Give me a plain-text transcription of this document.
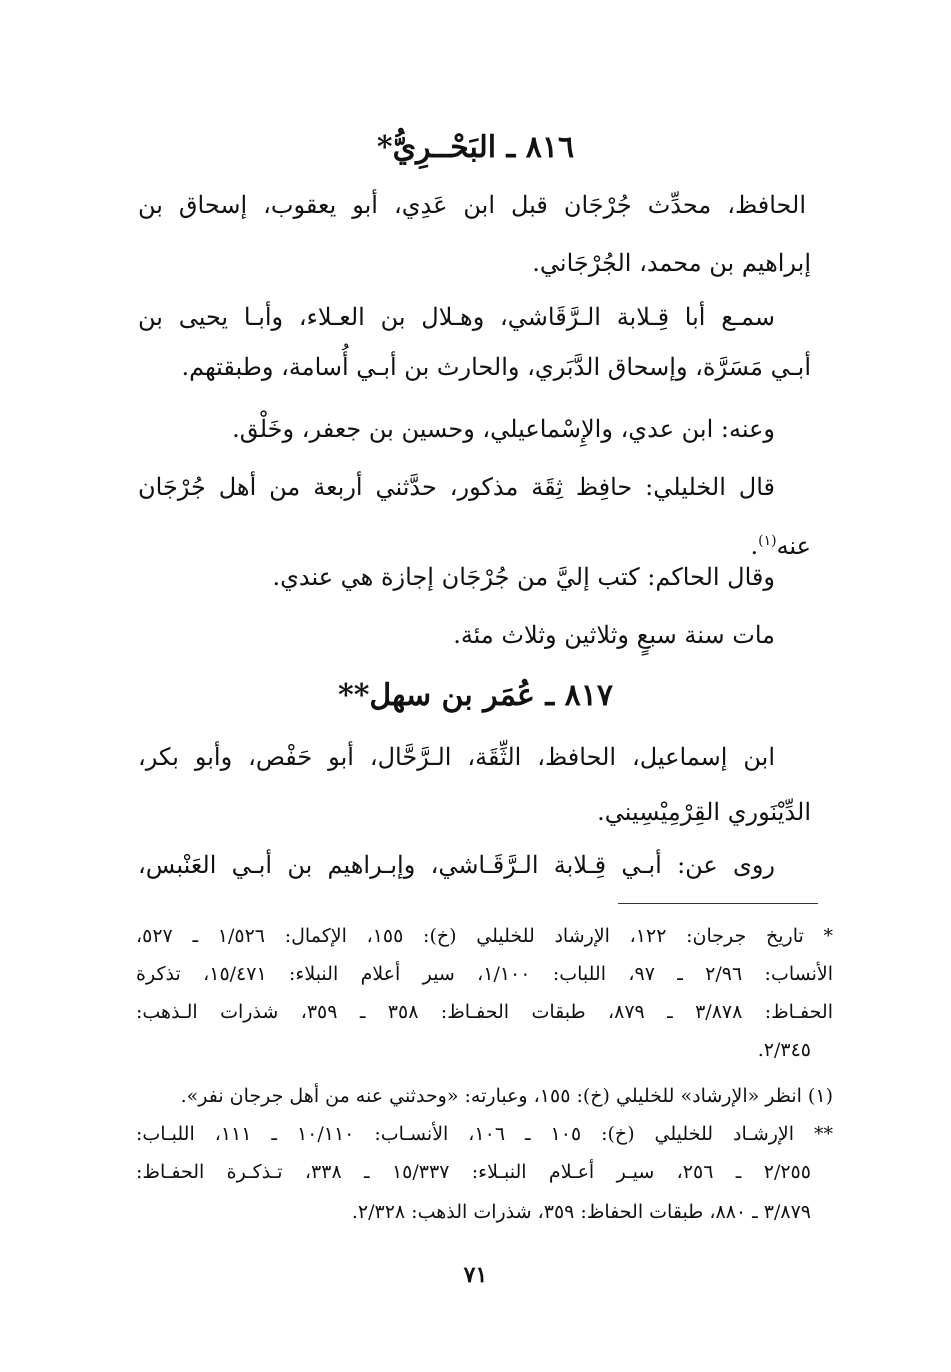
٨١٦ ـ البَحْــرِيُّ*
الحافظ، محدِّث جُرْجَان قبل ابن عَدِي، أبو يعقوب، إسحاق بن
إبراهيم بن محمد، الجُرْجَاني.
سمـع أبا قِـلابة الـرَّقَاشي، وهـلال بن العـلاء، وأبـا يحيى بن
أبـي مَسَرَّة، وإسحاق الدَّبَري، والحارث بن أبـي أُسامة، وطبقتهم.
وعنه: ابن عدي، والإِسْماعيلي، وحسين بن جعفر، وخَلْق.
قال الخليلي: حافِظ ثِقَة مذكور، حدَّثني أربعة من أهل جُرْجَان
عنه$^{(١)}$.
وقال الحاكم: كتب إليَّ من جُرْجَان إجازة هي عندي.
مات سنة سبعٍ وثلاثين وثلاث مئة.
٨١٧ ـ عُمَر بن سهل**
ابن إسماعيل، الحافظ، الثِّقَة، الـرَّحَّال، أبو حَفْص، وأبو بكر،
الدِّيْنَوري القِرْمِيْسِيني.
روى عن: أبـي قِـلابة الـرَّقَـاشي، وإبـراهيم بن أبـي العَنْبس،
* تاريخ جرجان: ١٢٢، الإرشاد للخليلي (خ): ١٥٥، الإكمال: ١/٥٢٦ ـ ٥٢٧،
الأنساب: ٢/٩٦ ـ ٩٧، اللباب: ١/١٠٠، سير أعلام النبلاء: ١٥/٤٧١، تذكرة
الحفـاظ: ٣/٨٧٨ ـ ٨٧٩، طبقات الحفـاظ: ٣٥٨ ـ ٣٥٩، شذرات الـذهب:
٢/٣٤٥.
(١) انظر «الإرشاد» للخليلي (خ): ١٥٥، وعبارته: «وحدثني عنه من أهل جرجان نفر».
** الإرشـاد للخليلي (خ): ١٠٥ ـ ١٠٦، الأنسـاب: ١٠/١١٠ ـ ١١١، اللبـاب:
٢/٢٥٥ ـ ٢٥٦، سيـر أعـلام النبـلاء: ١٥/٣٣٧ ـ ٣٣٨، تـذكـرة الحفـاظ:
٣/٨٧٩ ـ ٨٨٠، طبقات الحفاظ: ٣٥٩، شذرات الذهب: ٢/٣٢٨.
٧١
